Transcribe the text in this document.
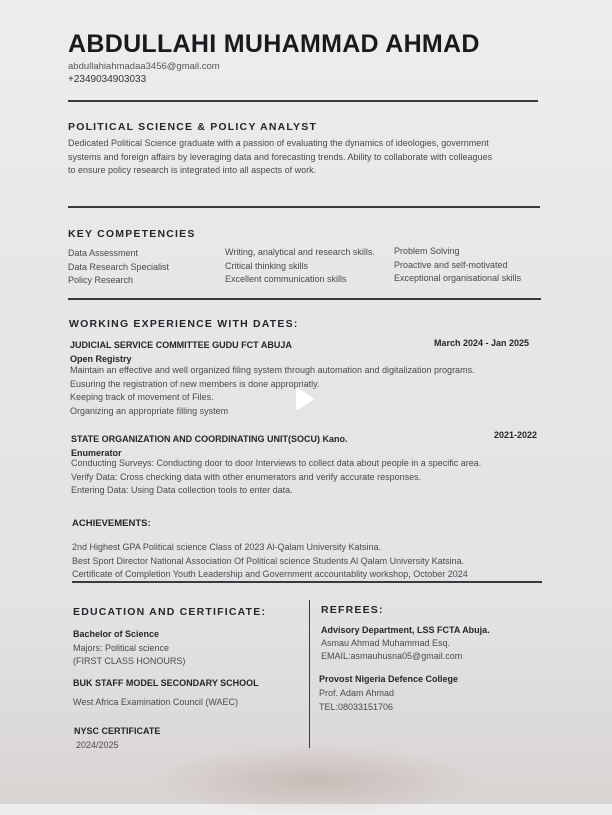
ABDULLAHI MUHAMMAD AHMAD
abdullahiahmadaa3456@gmail.com
+2349034903033
POLITICAL SCIENCE & POLICY ANALYST
Dedicated Political Science graduate with a passion of evaluating the dynamics of ideologies, government
systems and foreign affairs by leveraging data and forecasting trends. Ability to collaborate with colleagues
to ensure policy research is integrated into all aspects of work.
KEY COMPETENCIES
Data Assessment
Data Research Specialist
Policy Research
Writing, analytical and research skills.
Critical thinking skills
Excellent communication skills
Problem Solving
Proactive and self-motivated
Exceptional organisational skills
WORKING EXPERIENCE WITH DATES:
JUDICIAL SERVICE COMMITTEE GUDU FCT ABUJA	March 2024 - Jan 2025
Open Registry
Maintain an effective and well organized filing system through automation and digitalization programs.
Eusuring the registration of new members is done appropriatly.
Keeping track of movement of Files.
Organizing an appropriate filling system
STATE ORGANIZATION AND COORDINATING UNIT(SOCU) Kano.	2021-2022
Enumerator
Conducting Surveys: Conducting door to door Interviews to collect data about people in a specific area.
Verify Data: Cross checking data with other enumerators and verify accurate responses.
Entering Data: Using Data collection tools to enter data.
ACHIEVEMENTS:
2nd Highest GPA Political science Class of 2023 Al-Qalam University Katsina.
Best Sport Director National Association Of Political science Students Al Qalam University Katsina.
Certificate of Completion Youth Leadership and Government accountablity workshop, October 2024
EDUCATION AND CERTIFICATE:
Bachelor of Science
Majors: Political science
(FIRST CLASS HONOURS)
BUK STAFF MODEL SECONDARY SCHOOL
West Africa Examination Council (WAEC)
NYSC CERTIFICATE
2024/2025
REFREES:
Advisory Department, LSS FCTA Abuja.
Asmau Ahmad Muhammad Esq.
EMAIL:asmauhusna05@gmail.com
Provost Nigeria Defence College
Prof. Adam Ahmad
TEL:08033151706
